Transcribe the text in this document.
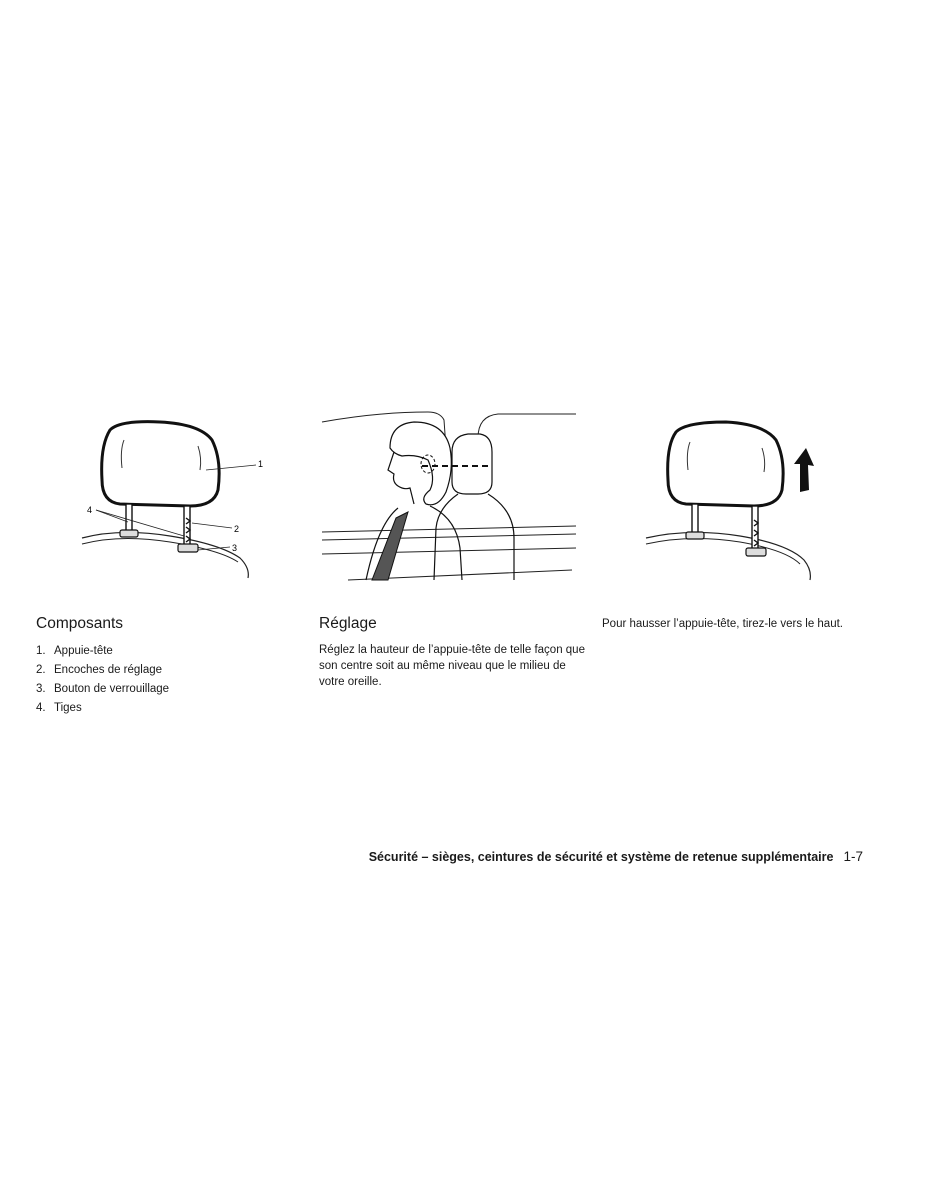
1
2
3
4
Composants
1. Appuie-tête
2. Encoches de réglage
3. Bouton de verrouillage
4. Tiges
Réglage

Réglez la hauteur de l’appuie-tête de telle façon que son centre soit au même niveau que le milieu de votre oreille.

Pour hausser l’appuie-tête, tirez-le vers le haut.

Sécurité – sièges, ceintures de sécurité et système de retenue supplémentaire 1-7
